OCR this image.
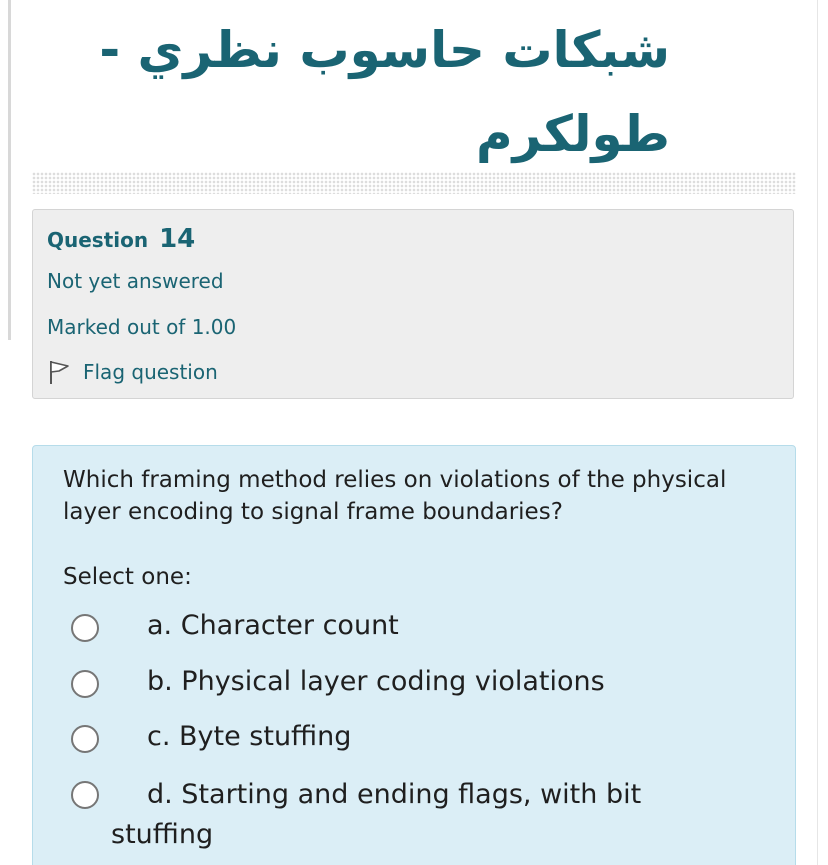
شبكات حاسوب نظري - طولكرم
Question 14
Not yet answered
Marked out of 1.00
Flag question

Which framing method relies on violations of the physical layer encoding to signal frame boundaries?

Select one:
a. Character count
b. Physical layer coding violations
c. Byte stuffing
d. Starting and ending flags, with bit stuffing
